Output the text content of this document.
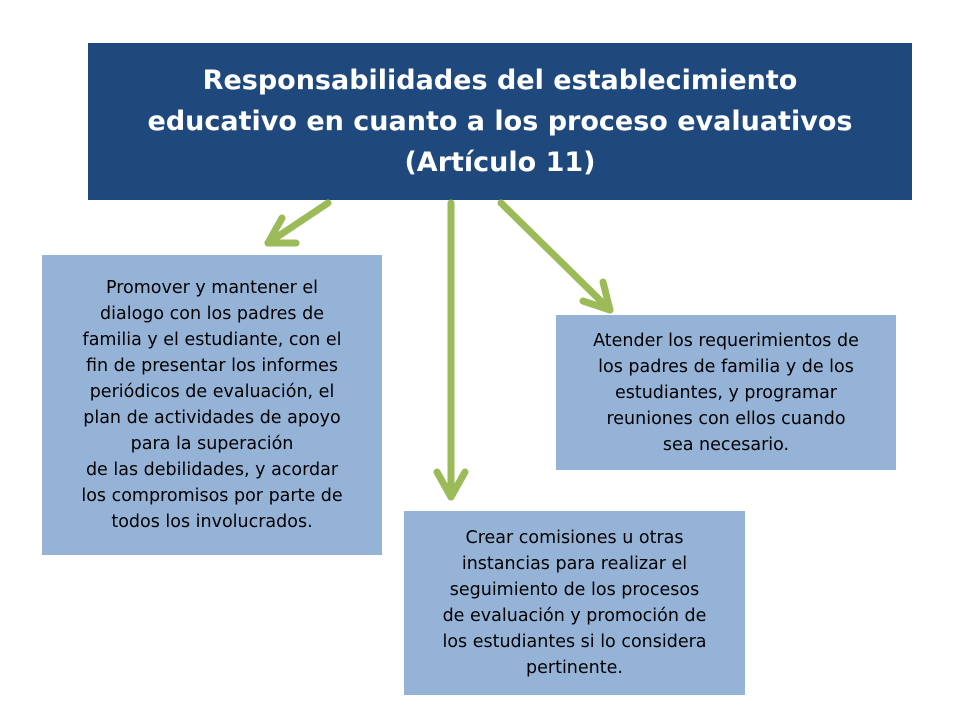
Responsabilidades del establecimiento
educativo en cuanto a los proceso evaluativos
(Artículo 11)
Promover y mantener el
dialogo con los padres de
familia y el estudiante, con el
fin de presentar los informes
periódicos de evaluación, el
plan de actividades de apoyo
para la superación
de las debilidades, y acordar
los compromisos por parte de
todos los involucrados.
Atender los requerimientos de
los padres de familia y de los
estudiantes, y programar
reuniones con ellos cuando
sea necesario.
Crear comisiones u otras
instancias para realizar el
seguimiento de los procesos
de evaluación y promoción de
los estudiantes si lo considera
pertinente.
